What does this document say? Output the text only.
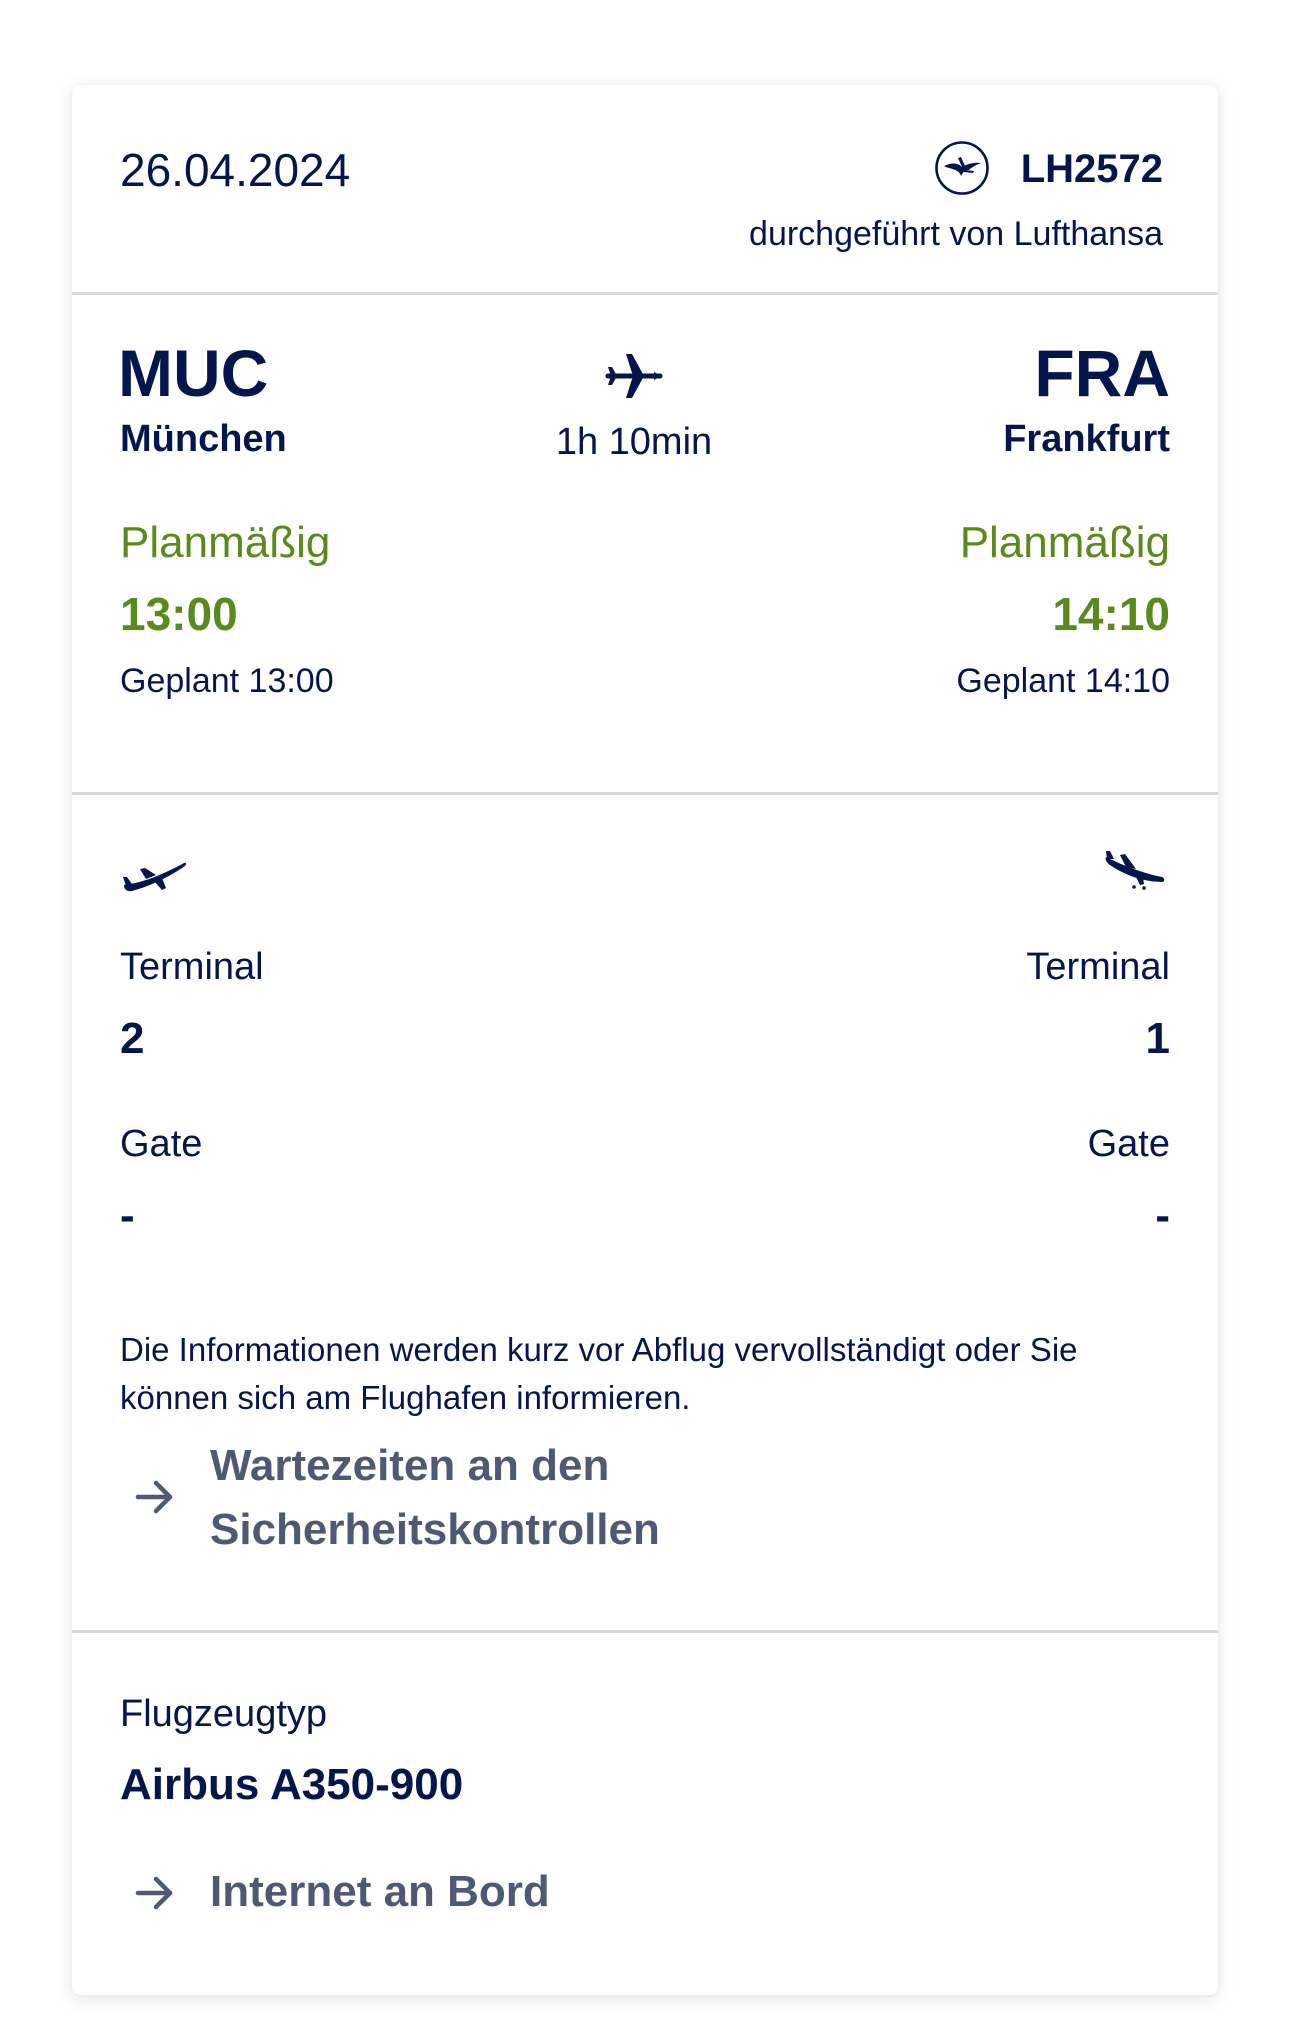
26.04.2024	LH2572
durchgeführt von Lufthansa
MUC
München	1h 10min
FRA
Frankfurt
Planmäßig
13:00
Geplant 13:00
Planmäßig
14:10
Geplant 14:10
Terminal
2
Gate
-
Terminal
1
Gate
-
Die Informationen werden kurz vor Abflug vervollständigt oder Sie können sich am Flughafen informieren.
Wartezeiten an den
Sicherheitskontrollen
Flugzeugtyp
Airbus A350-900
Internet an Bord
